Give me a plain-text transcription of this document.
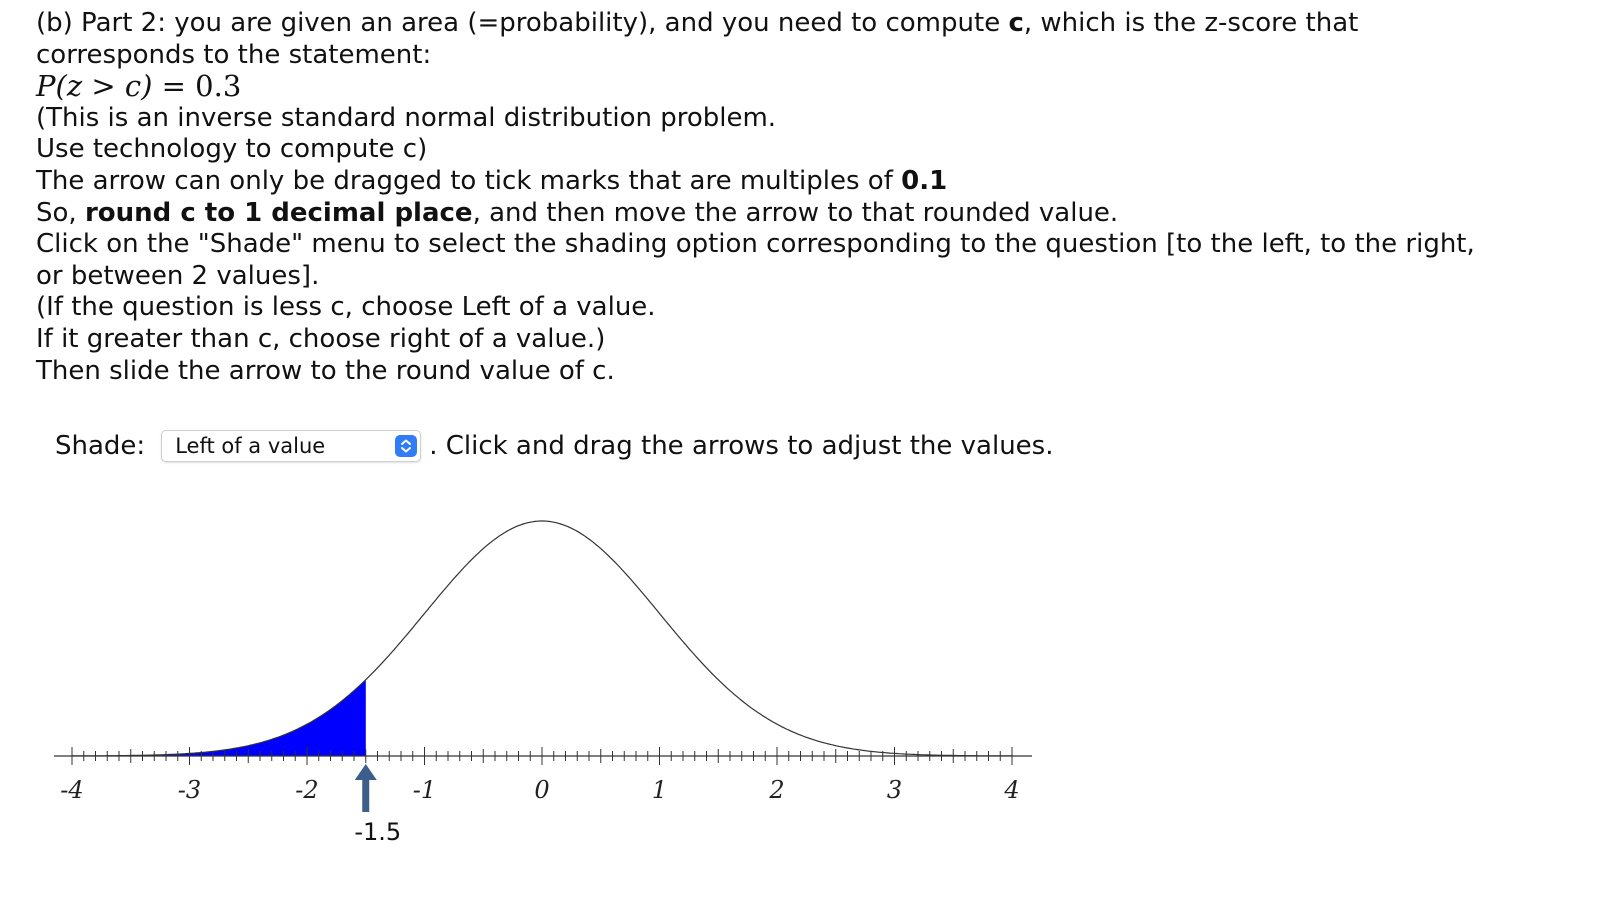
(b) Part 2: you are given an area (=probability), and you need to compute c, which is the z-score that
corresponds to the statement:
P(z > c) = 0.3
(This is an inverse standard normal distribution problem.
Use technology to compute c)
The arrow can only be dragged to tick marks that are multiples of 0.1
So, round c to 1 decimal place, and then move the arrow to that rounded value.
Click on the "Shade" menu to select the shading option corresponding to the question [to the left, to the right,
or between 2 values].
(If the question is less c, choose Left of a value.
If it greater than c, choose right of a value.)
Then slide the arrow to the round value of c.
Shade: Left of a value	. Click and drag the arrows to adjust the values.
-4	-3	-2	-1	0	1	2	3	4
-1.5
